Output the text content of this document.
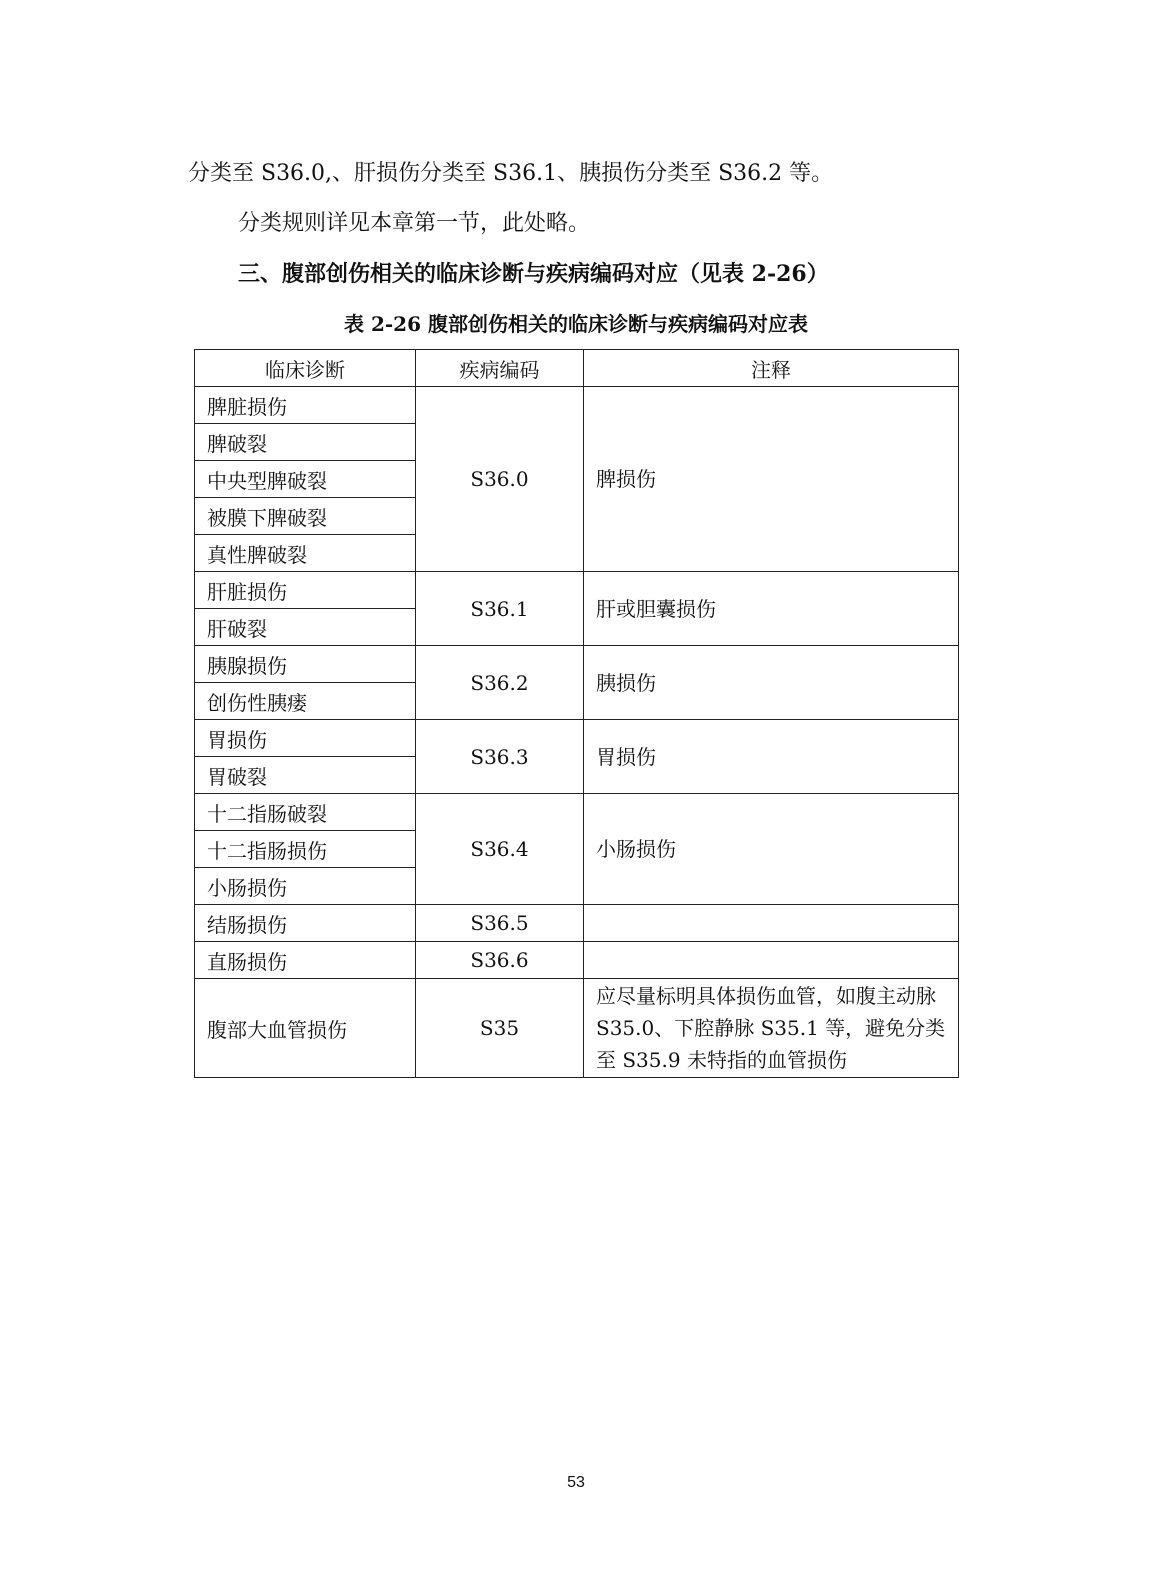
分类至 S36.0,、肝损伤分类至 S36.1、胰损伤分类至 S36.2 等。
分类规则详见本章第一节，此处略。
三、腹部创伤相关的临床诊断与疾病编码对应（见表 2-26）
表 2-26 腹部创伤相关的临床诊断与疾病编码对应表
临床诊断	疾病编码	注释
脾脏损伤	S36.0	脾损伤
脾破裂		
中央型脾破裂		
被膜下脾破裂		
真性脾破裂		
肝脏损伤	S36.1	肝或胆囊损伤
肝破裂		
胰腺损伤	S36.2	胰损伤
创伤性胰瘘		
胃损伤	S36.3	胃损伤
胃破裂		
十二指肠破裂	S36.4	小肠损伤
十二指肠损伤		
小肠损伤		
结肠损伤	S36.5	
直肠损伤	S36.6	
腹部大血管损伤	S35	应尽量标明具体损伤血管，如腹主动脉 S35.0、下腔静脉 S35.1 等，避免分类至 S35.9 未特指的血管损伤
53
